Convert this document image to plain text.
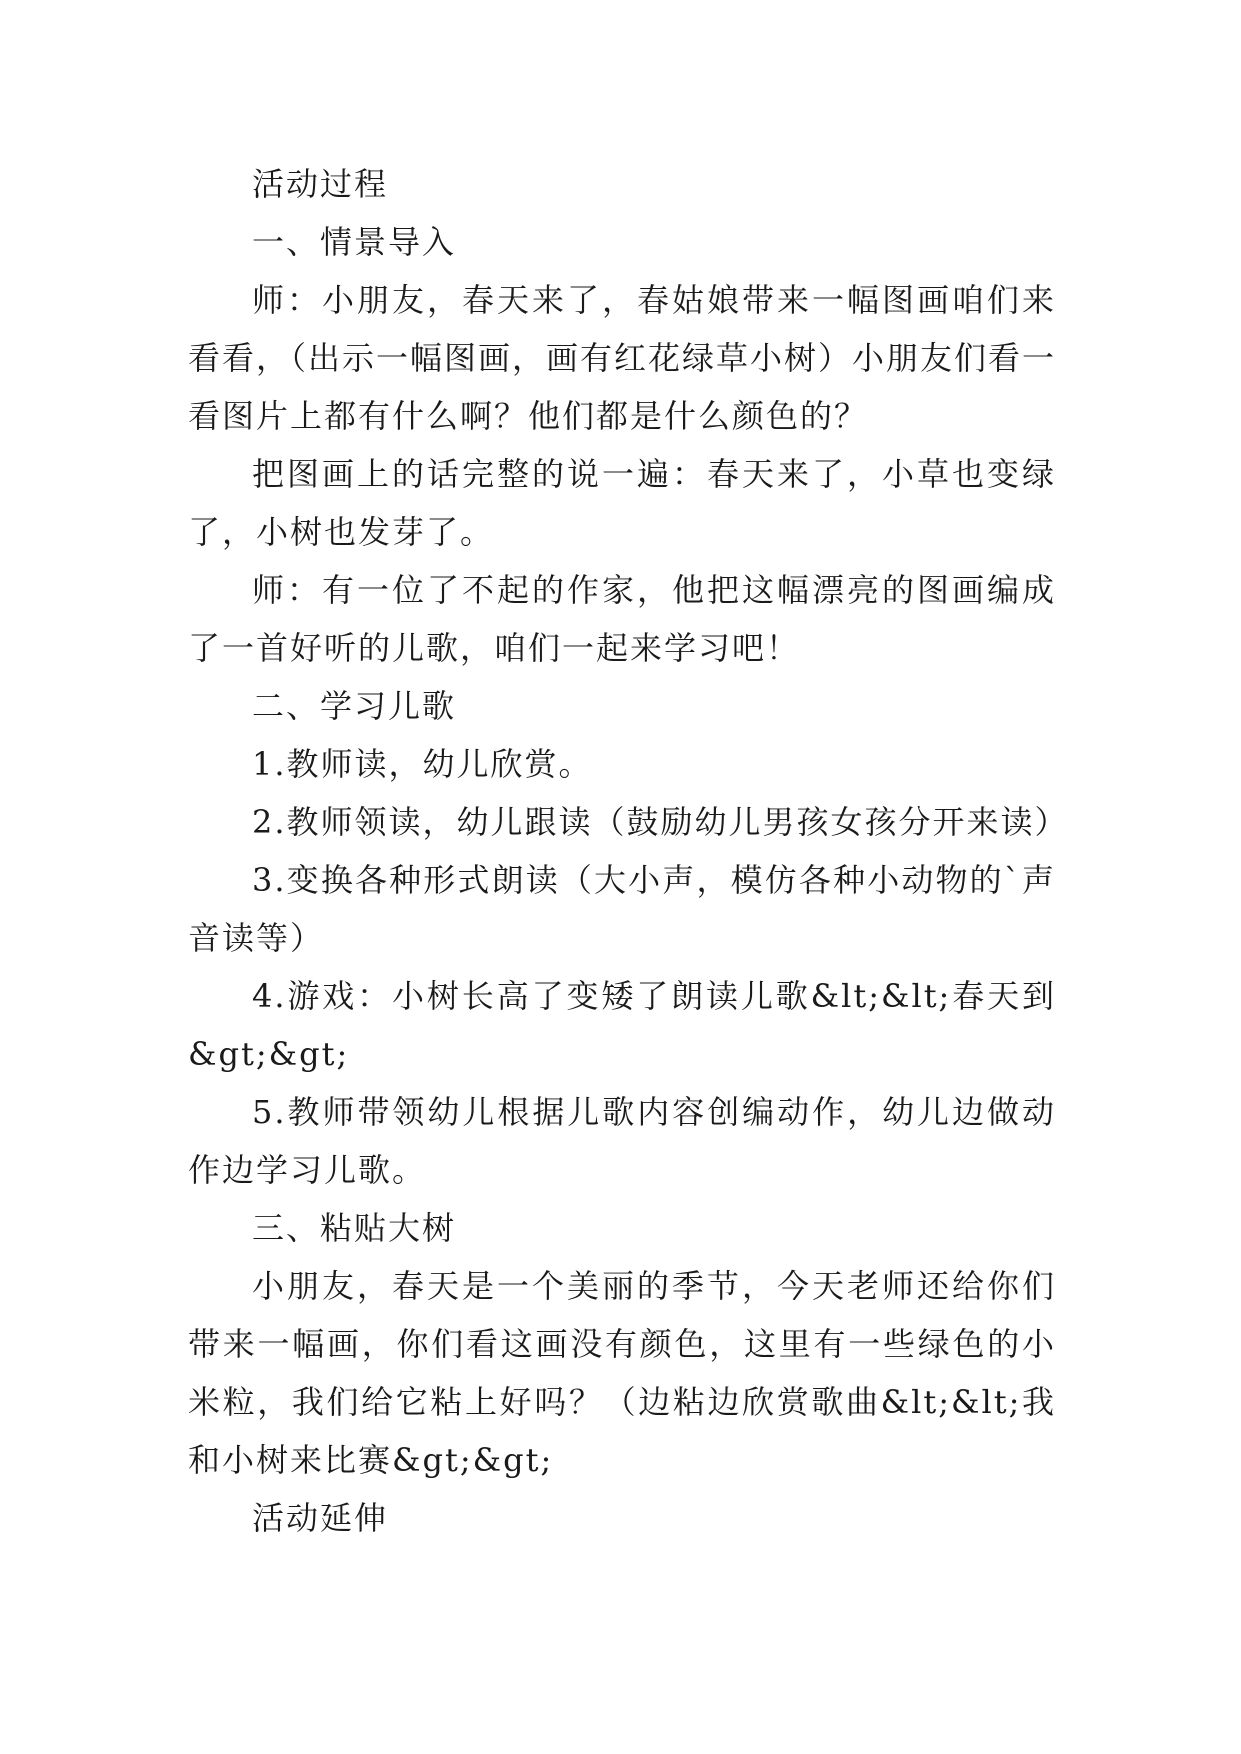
活动过程

一、情景导入

师：小朋友，春天来了，春姑娘带来一幅图画咱们来看看，（出示一幅图画，画有红花绿草小树）小朋友们看一看图片上都有什么啊？他们都是什么颜色的？

把图画上的话完整的说一遍：春天来了，小草也变绿了，小树也发芽了。

师：有一位了不起的作家，他把这幅漂亮的图画编成了一首好听的儿歌，咱们一起来学习吧！

二、学习儿歌

1.教师读，幼儿欣赏。

2.教师领读，幼儿跟读（鼓励幼儿男孩女孩分开来读）

3.变换各种形式朗读（大小声，模仿各种小动物的`声音读等）

4.游戏：小树长高了变矮了朗读儿歌&lt;&lt;春天到&gt;&gt;

5.教师带领幼儿根据儿歌内容创编动作，幼儿边做动作边学习儿歌。

三、粘贴大树

小朋友，春天是一个美丽的季节，今天老师还给你们带来一幅画，你们看这画没有颜色，这里有一些绿色的小米粒，我们给它粘上好吗？（边粘边欣赏歌曲&lt;&lt;我和小树来比赛&gt;&gt;

活动延伸
